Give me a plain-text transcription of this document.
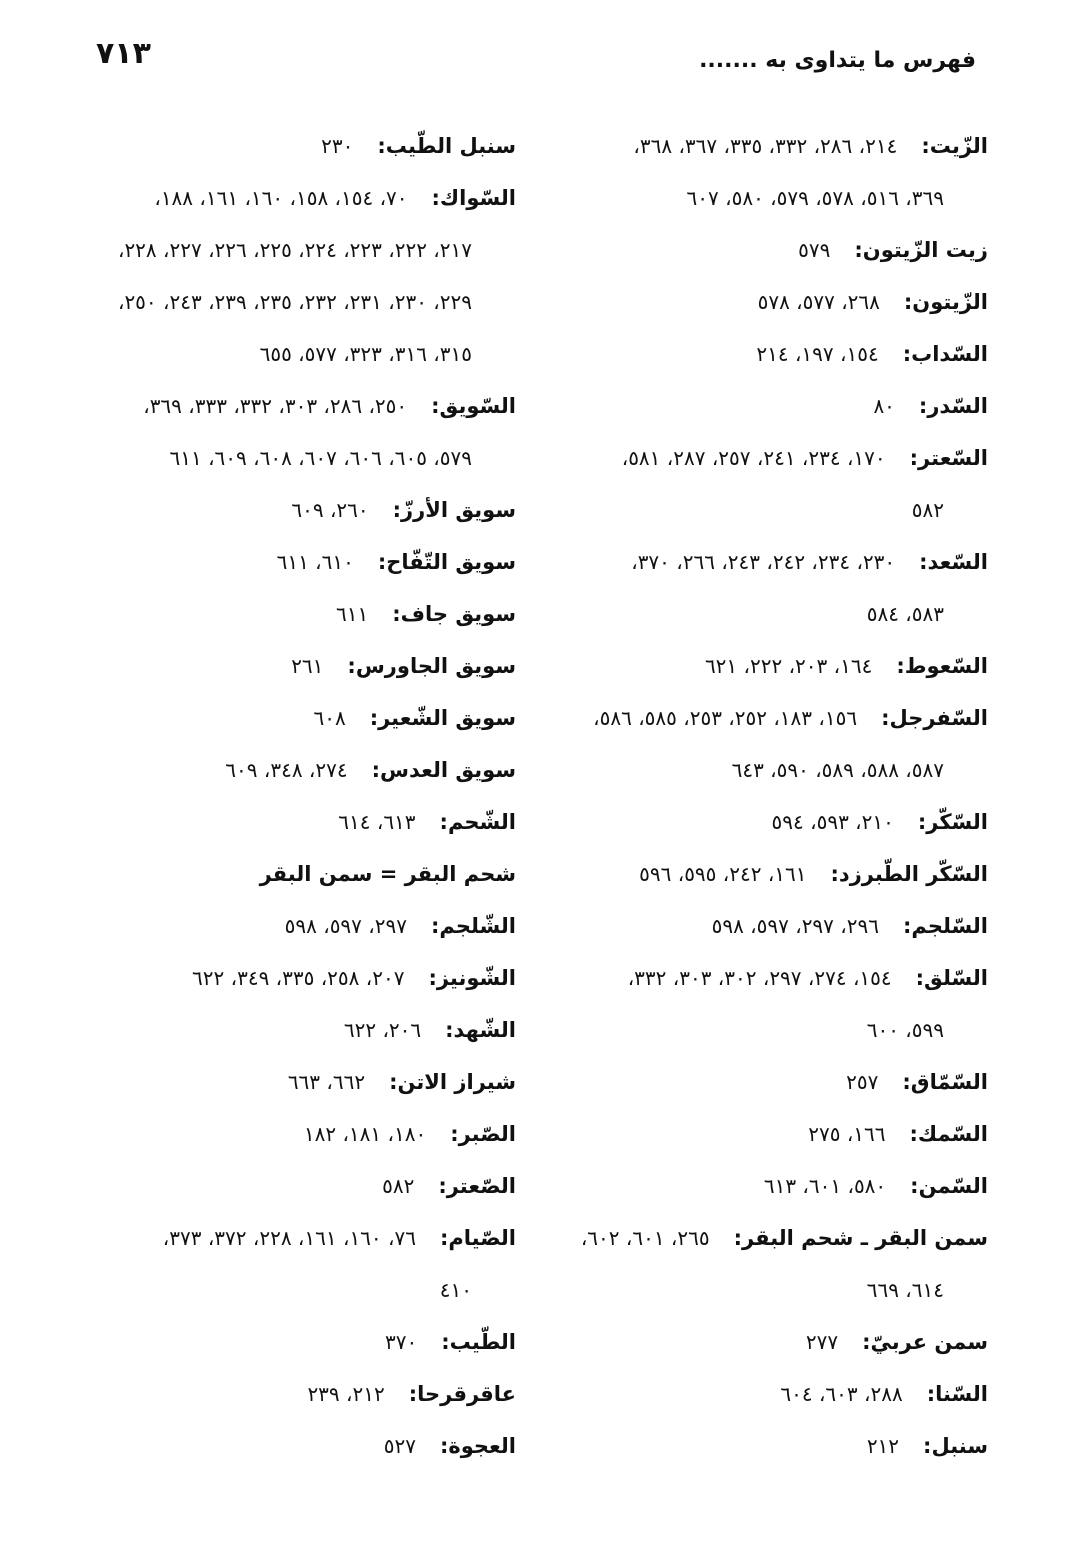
٧١٣	فهرس ما يتداوى به .......
الزّيت:٢١٤، ٢٨٦، ٣٣٢، ٣٣٥، ٣٦٧، ٣٦٨،
٣٦٩، ٥١٦، ٥٧٨، ٥٧٩، ٥٨٠، ٦٠٧
زيت الزّيتون:٥٧٩
الزّيتون:٢٦٨، ٥٧٧، ٥٧٨
السّداب:١٥٤، ١٩٧، ٢١٤
السّدر:٨٠
السّعتر:١٧٠، ٢٣٤، ٢٤١، ٢٥٧، ٢٨٧، ٥٨١،
٥٨٢
السّعد:٢٣٠، ٢٣٤، ٢٤٢، ٢٤٣، ٢٦٦، ٣٧٠،
٥٨٣، ٥٨٤
السّعوط:١٦٤، ٢٠٣، ٢٢٢، ٦٢١
السّفرجل:١٥٦، ١٨٣، ٢٥٢، ٢٥٣، ٥٨٥، ٥٨٦،
٥٨٧، ٥٨٨، ٥٨٩، ٥٩٠، ٦٤٣
السّكّر:٢١٠، ٥٩٣، ٥٩٤
السّكّر الطّبرزد:١٦١، ٢٤٢، ٥٩٥، ٥٩٦
السّلجم:٢٩٦، ٢٩٧، ٥٩٧، ٥٩٨
السّلق:١٥٤، ٢٧٤، ٢٩٧، ٣٠٢، ٣٠٣، ٣٣٢،
٥٩٩، ٦٠٠
السّمّاق:٢٥٧
السّمك:١٦٦، ٢٧٥
السّمن:٥٨٠، ٦٠١، ٦١٣
سمن البقر ـ شحم البقر:٢٦٥، ٦٠١، ٦٠٢،
٦١٤، ٦٦٩
سمن عربيّ:٢٧٧
السّنا:٢٨٨، ٦٠٣، ٦٠٤
سنبل:٢١٢
سنبل الطّيب:٢٣٠
السّواك:٧٠، ١٥٤، ١٥٨، ١٦٠، ١٦١، ١٨٨،
٢١٧، ٢٢٢، ٢٢٣، ٢٢٤، ٢٢٥، ٢٢٦، ٢٢٧، ٢٢٨،
٢٢٩، ٢٣٠، ٢٣١، ٢٣٢، ٢٣٥، ٢٣٩، ٢٤٣، ٢٥٠،
٣١٥، ٣١٦، ٣٢٣، ٥٧٧، ٦٥٥
السّويق:٢٥٠، ٢٨٦، ٣٠٣، ٣٣٢، ٣٣٣، ٣٦٩،
٥٧٩، ٦٠٥، ٦٠٦، ٦٠٧، ٦٠٨، ٦٠٩، ٦١١
سويق الأرزّ:٢٦٠، ٦٠٩
سويق التّفّاح:٦١٠، ٦١١
سويق جاف:٦١١
سويق الجاورس:٢٦١
سويق الشّعير:٦٠٨
سويق العدس:٢٧٤، ٣٤٨، ٦٠٩
الشّحم:٦١٣، ٦١٤
شحم البقر = سمن البقر
الشّلجم:٢٩٧، ٥٩٧، ٥٩٨
الشّونيز:٢٠٧، ٢٥٨، ٣٣٥، ٣٤٩، ٦٢٢
الشّهد:٢٠٦، ٦٢٢
شيراز الاتن:٦٦٢، ٦٦٣
الصّبر:١٨٠، ١٨١، ١٨٢
الصّعتر:٥٨٢
الصّيام:٧٦، ١٦٠، ١٦١، ٢٢٨، ٣٧٢، ٣٧٣،
٤١٠
الطّيب:٣٧٠
عاقرقرحا:٢١٢، ٢٣٩
العجوة:٥٢٧
